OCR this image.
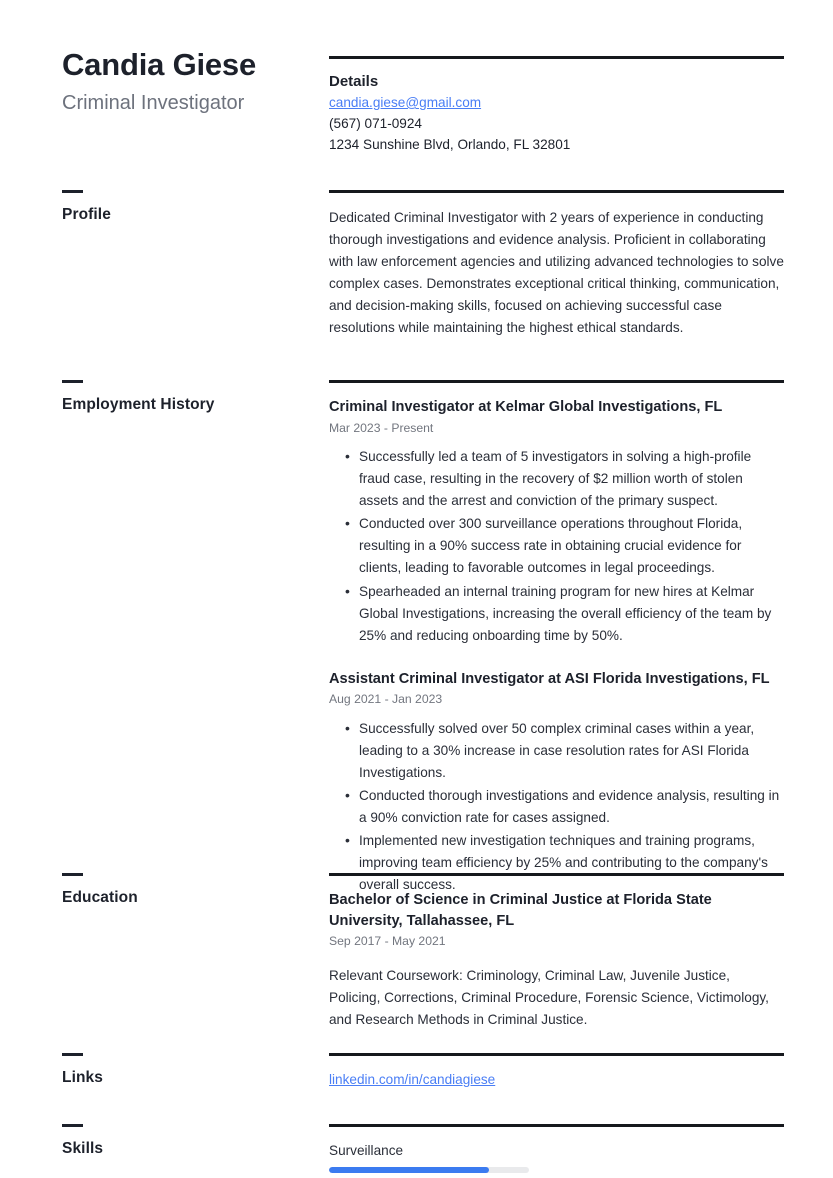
Candia Giese
Criminal Investigator
Details
candia.giese@gmail.com
(567) 071-0924
1234 Sunshine Blvd, Orlando, FL 32801
Profile	Dedicated Criminal Investigator with 2 years of experience in conducting thorough investigations and evidence analysis. Proficient in collaborating with law enforcement agencies and utilizing advanced technologies to solve complex cases. Demonstrates exceptional critical thinking, communication, and decision-making skills, focused on achieving successful case resolutions while maintaining the highest ethical standards.

Employment History	Criminal Investigator at Kelmar Global Investigations, FL
Mar 2023 - Present
• Successfully led a team of 5 investigators in solving a high-profile fraud case, resulting in the recovery of $2 million worth of stolen assets and the arrest and conviction of the primary suspect.
• Conducted over 300 surveillance operations throughout Florida, resulting in a 90% success rate in obtaining crucial evidence for clients, leading to favorable outcomes in legal proceedings.
• Spearheaded an internal training program for new hires at Kelmar Global Investigations, increasing the overall efficiency of the team by 25% and reducing onboarding time by 50%.
Assistant Criminal Investigator at ASI Florida Investigations, FL
Aug 2021 - Jan 2023
• Successfully solved over 50 complex criminal cases within a year, leading to a 30% increase in case resolution rates for ASI Florida Investigations.
• Conducted thorough investigations and evidence analysis, resulting in a 90% conviction rate for cases assigned.
• Implemented new investigation techniques and training programs, improving team efficiency by 25% and contributing to the company's overall success.
Education	Bachelor of Science in Criminal Justice at Florida State University, Tallahassee, FL
Sep 2017 - May 2021

Relevant Coursework: Criminology, Criminal Law, Juvenile Justice, Policing, Corrections, Criminal Procedure, Forensic Science, Victimology, and Research Methods in Criminal Justice.

Links	linkedin.com/in/candiagiese
Skills	Surveillance
